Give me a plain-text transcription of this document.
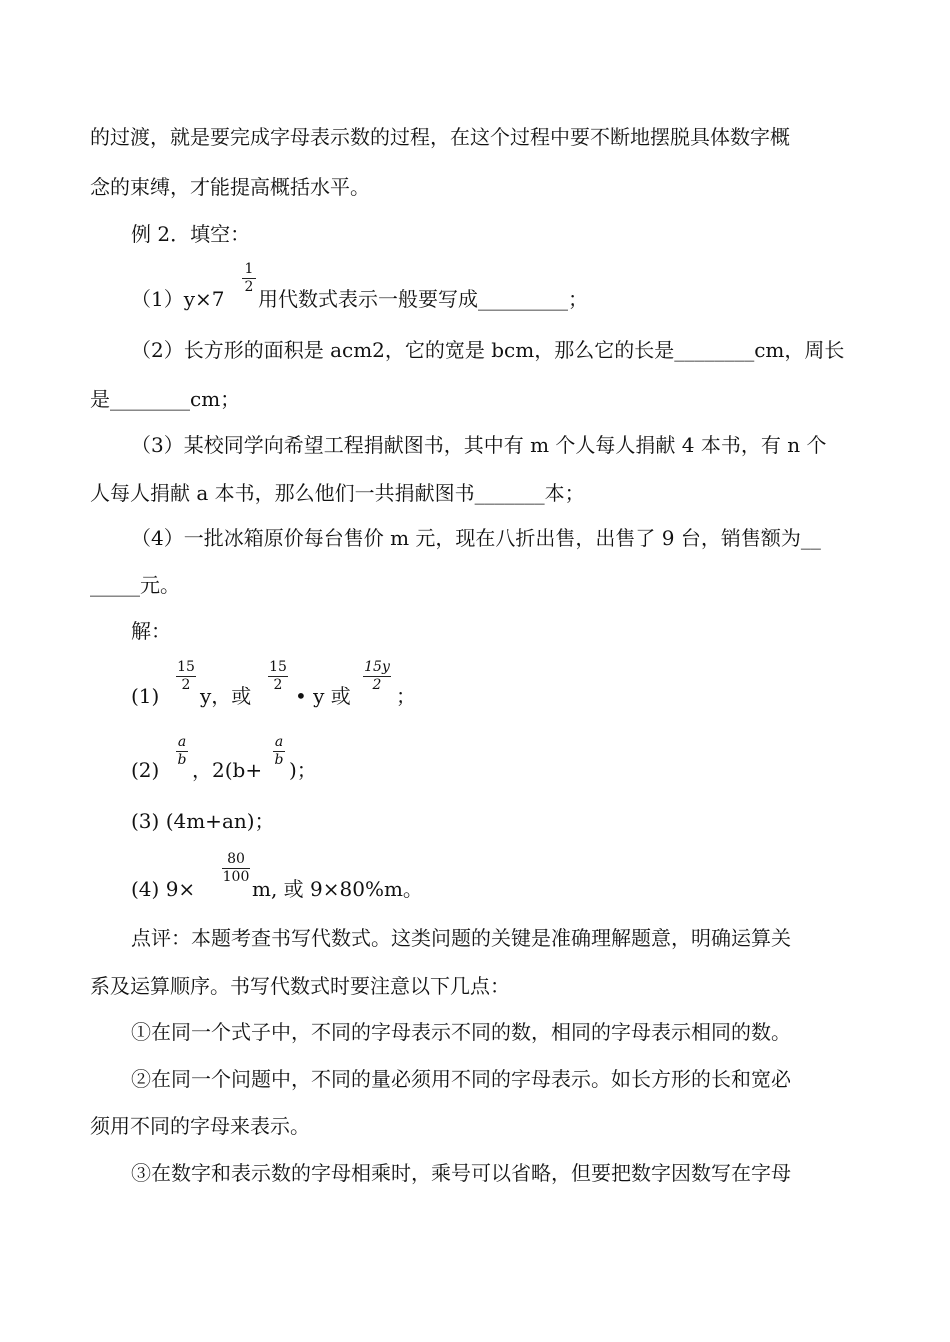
的过渡，就是要完成字母表示数的过程，在这个过程中要不断地摆脱具体数字概
念的束缚，才能提高概括水平。
例 2．填空：
（1）y×7
1
2 用代数式表示一般要写成_________；
（2）长方形的面积是 acm2，它的宽是 bcm，那么它的长是________cm，周长
是________cm；
（3）某校同学向希望工程捐献图书，其中有 m 个人每人捐献 4 本书，有 n 个
人每人捐献 a 本书，那么他们一共捐献图书_______本；
（4）一批冰箱原价每台售价 m 元，现在八折出售，出售了 9 台，销售额为__
_____元。
解：
(1)
15
2 y，或
15
2 • y 或
15y
2 ；
(2)
a
b ，2(b+
a
b )；
(3) (4m+an)；
(4) 9×
80
100 m, 或 9×80%m。
点评：本题考查书写代数式。这类问题的关键是准确理解题意，明确运算关
系及运算顺序。书写代数式时要注意以下几点：
①在同一个式子中，不同的字母表示不同的数，相同的字母表示相同的数。
②在同一个问题中，不同的量必须用不同的字母表示。如长方形的长和宽必
须用不同的字母来表示。
③在数字和表示数的字母相乘时，乘号可以省略，但要把数字因数写在字母
